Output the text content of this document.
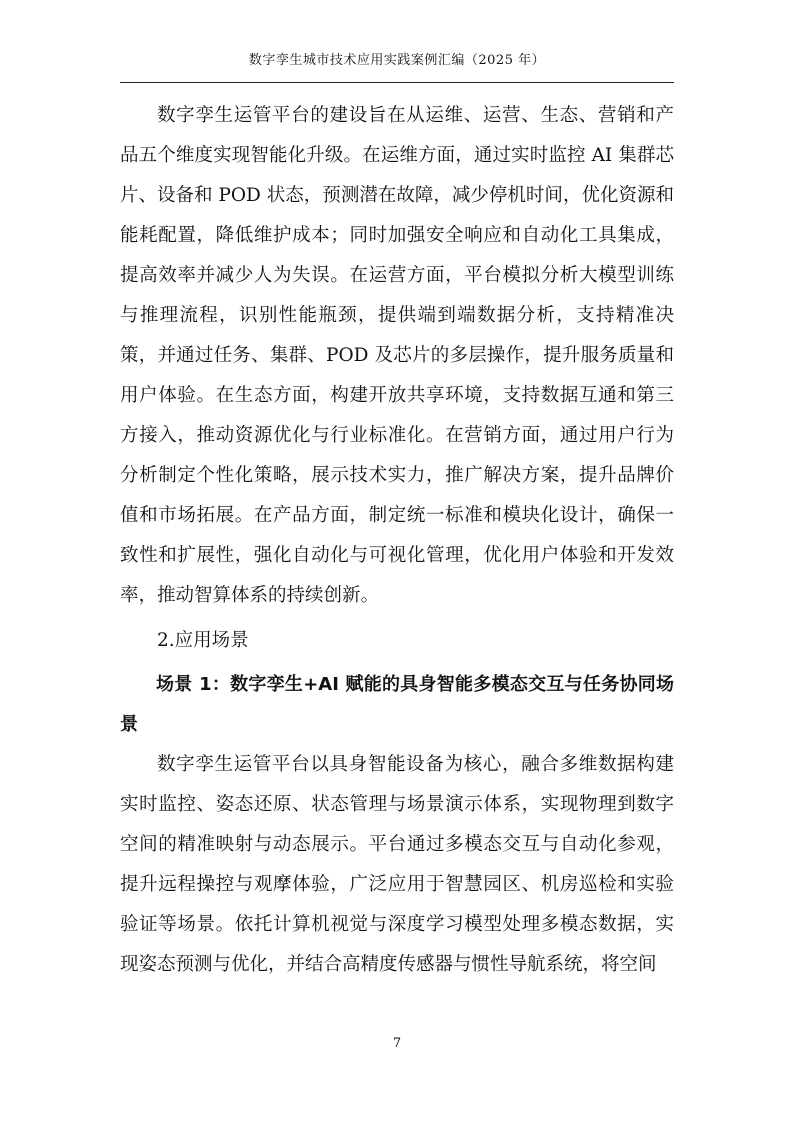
数字孪生城市技术应用实践案例汇编（2025 年）

数字孪生运管平台的建设旨在从运维、运营、生态、营销和产品五个维度实现智能化升级。在运维方面，通过实时监控 AI 集群芯片、设备和 POD 状态，预测潜在故障，减少停机时间，优化资源和能耗配置，降低维护成本；同时加强安全响应和自动化工具集成，提高效率并减少人为失误。在运营方面，平台模拟分析大模型训练与推理流程，识别性能瓶颈，提供端到端数据分析，支持精准决策，并通过任务、集群、POD 及芯片的多层操作，提升服务质量和用户体验。在生态方面，构建开放共享环境，支持数据互通和第三方接入，推动资源优化与行业标准化。在营销方面，通过用户行为分析制定个性化策略，展示技术实力，推广解决方案，提升品牌价值和市场拓展。在产品方面，制定统一标准和模块化设计，确保一致性和扩展性，强化自动化与可视化管理，优化用户体验和开发效率，推动智算体系的持续创新。

2.应用场景

场景 1：数字孪生+AI 赋能的具身智能多模态交互与任务协同场景

数字孪生运管平台以具身智能设备为核心，融合多维数据构建实时监控、姿态还原、状态管理与场景演示体系，实现物理到数字空间的精准映射与动态展示。平台通过多模态交互与自动化参观，提升远程操控与观摩体验，广泛应用于智慧园区、机房巡检和实验验证等场景。依托计算机视觉与深度学习模型处理多模态数据，实现姿态预测与优化，并结合高精度传感器与惯性导航系统，将空间

7
